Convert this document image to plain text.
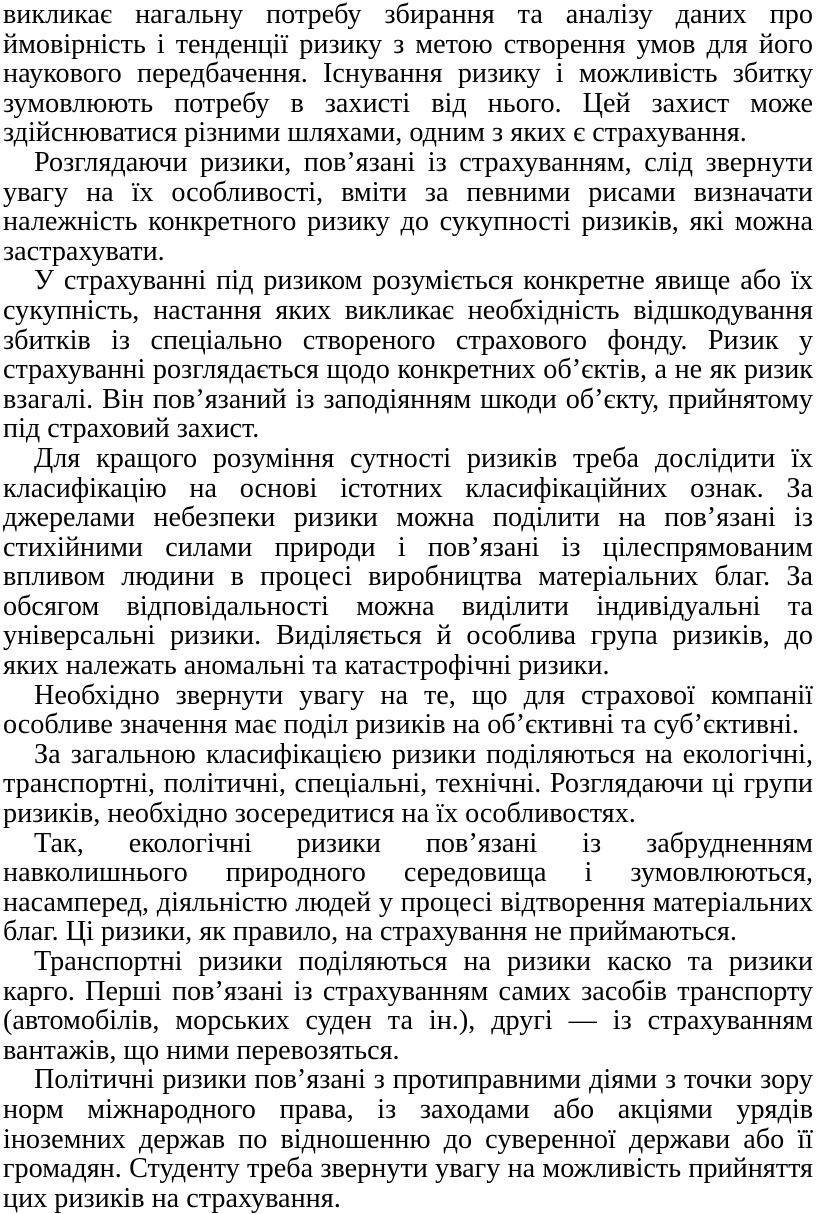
викликає нагальну потребу збирання та аналізу даних про ймовірність і тенденції ризику з метою створення умов для його наукового передбачення. Існування ризику і можливість збитку зумовлюють потребу в захисті від нього. Цей захист може здійснюватися різними шляхами, одним з яких є страхування.

Розглядаючи ризики, пов’язані із страхуванням, слід звернути увагу на їх особливості, вміти за певними рисами визначати належність конкретного ризику до сукупності ризиків, які можна застрахувати.

У страхуванні під ризиком розуміється конкретне явище або їх сукупність, настання яких викликає необхідність відшкодування збитків із спеціально створеного страхового фонду. Ризик у страхуванні розглядається щодо конкретних об’єктів, а не як ризик взагалі. Він пов’язаний із заподіянням шкоди об’єкту, прийнятому під страховий захист.

Для кращого розуміння сутності ризиків треба дослідити їх класифікацію на основі істотних класифікаційних ознак. За джерелами небезпеки ризики можна поділити на пов’язані із стихійними силами природи і пов’язані із цілеспрямованим впливом людини в процесі виробництва матеріальних благ. За обсягом відповідальності можна виділити індивідуальні та універсальні ризики. Виділяється й особлива група ризиків, до яких належать аномальні та катастрофічні ризики.

Необхідно звернути увагу на те, що для страхової компанії особливе значення має поділ ризиків на об’єктивні та суб’єктивні.

За загальною класифікацією ризики поділяються на екологічні, транспортні, політичні, спеціальні, технічні. Розглядаючи ці групи ризиків, необхідно зосередитися на їх особливостях.

Так, екологічні ризики пов’язані із забрудненням навколишнього природного середовища і зумовлюються, насамперед, діяльністю людей у процесі відтворення матеріальних благ. Ці ризики, як правило, на страхування не приймаються.

Транспортні ризики поділяються на ризики каско та ризики карго. Перші пов’язані із страхуванням самих засобів транспорту (автомобілів, морських суден та ін.), другі — із страхуванням вантажів, що ними перевозяться.

Політичні ризики пов’язані з протиправними діями з точки зору норм міжнародного права, із заходами або акціями урядів іноземних держав по відношенню до суверенної держави або її громадян. Студенту треба звернути увагу на можливість прийняття цих ризиків на страхування.
